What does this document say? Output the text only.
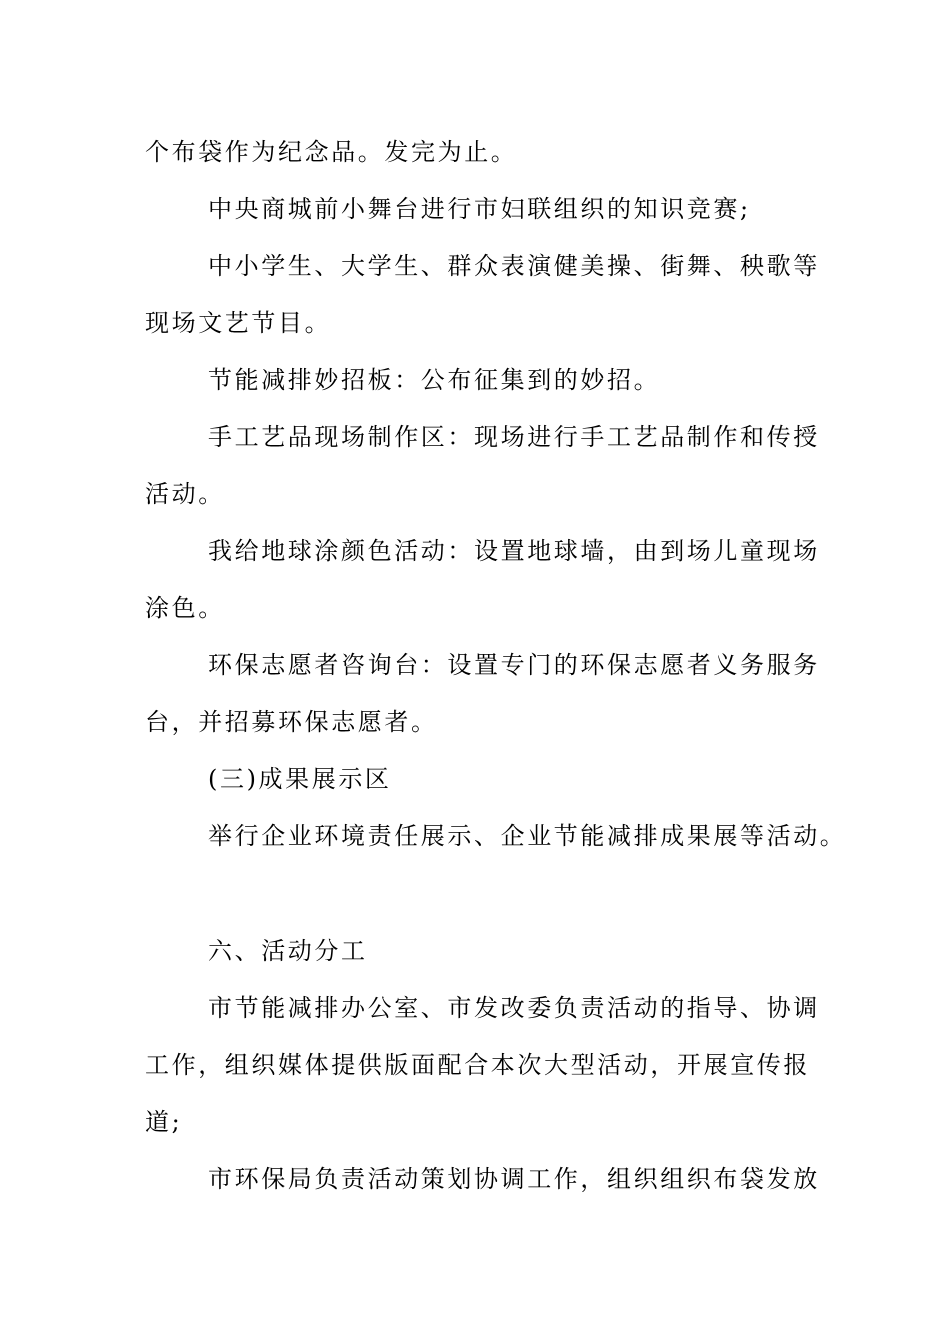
个布袋作为纪念品。发完为止。
中央商城前小舞台进行市妇联组织的知识竞赛;
中小学生、大学生、群众表演健美操、街舞、秧歌等
现场文艺节目。
节能减排妙招板：公布征集到的妙招。
手工艺品现场制作区：现场进行手工艺品制作和传授
活动。
我给地球涂颜色活动：设置地球墙，由到场儿童现场
涂色。
环保志愿者咨询台：设置专门的环保志愿者义务服务
台，并招募环保志愿者。
(三)成果展示区
举行企业环境责任展示、企业节能减排成果展等活动。
六、活动分工
市节能减排办公室、市发改委负责活动的指导、协调
工作，组织媒体提供版面配合本次大型活动，开展宣传报
道;
市环保局负责活动策划协调工作，组织组织布袋发放
